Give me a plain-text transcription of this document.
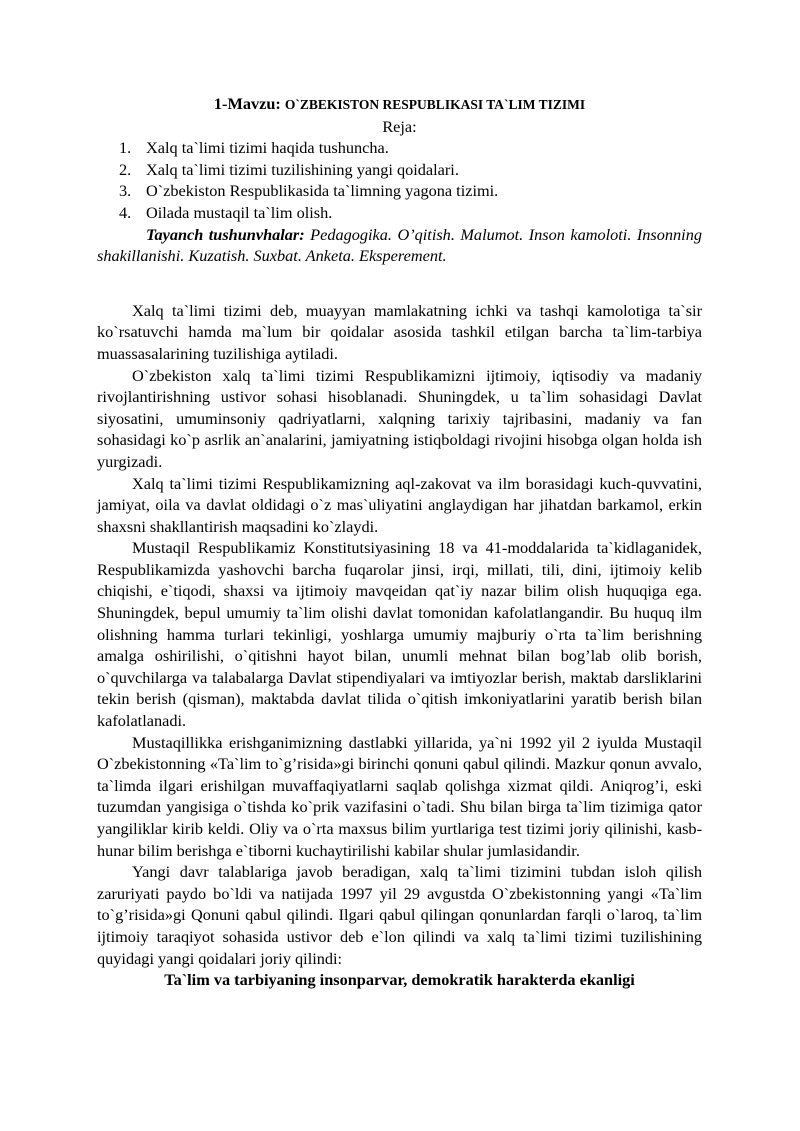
1-Mavzu: O`ZBEKISTON RESPUBLIKASI TA`LIM TIZIMI

Reja:

1. Xalq ta`limi tizimi haqida tushuncha.
2. Xalq ta`limi tizimi tuzilishining yangi qoidalari.
3. O`zbekiston Respublikasida ta`limning yagona tizimi.
4. Oilada mustaqil ta`lim olish.

Tayanch tushunvhalar: Pedagogika. O’qitish. Malumot. Inson kamoloti. Insonning shakillanishi. Kuzatish. Suxbat. Anketa. Eksperement.

Xalq ta`limi tizimi deb, muayyan mamlakatning ichki va tashqi kamolotiga ta`sir ko`rsatuvchi hamda ma`lum bir qoidalar asosida tashkil etilgan barcha ta`lim-tarbiya muassasalarining tuzilishiga aytiladi.

O`zbekiston xalq ta`limi tizimi Respublikamizni ijtimoiy, iqtisodiy va madaniy rivojlantirishning ustivor sohasi hisoblanadi. Shuningdek, u ta`lim sohasidagi Davlat siyosatini, umuminsoniy qadriyatlarni, xalqning tarixiy tajribasini, madaniy va fan sohasidagi ko`p asrlik an`analarini, jamiyatning istiqboldagi rivojini hisobga olgan holda ish yurgizadi.

Xalq ta`limi tizimi Respublikamizning aql-zakovat va ilm borasidagi kuch-quvvatini, jamiyat, oila va davlat oldidagi o`z mas`uliyatini anglaydigan har jihatdan barkamol, erkin shaxsni shakllantirish maqsadini ko`zlaydi.

Mustaqil Respublikamiz Konstitutsiyasining 18 va 41-moddalarida ta`kidlaganidek, Respublikamizda yashovchi barcha fuqarolar jinsi, irqi, millati, tili, dini, ijtimoiy kelib chiqishi, e`tiqodi, shaxsi va ijtimoiy mavqeidan qat`iy nazar bilim olish huquqiga ega. Shuningdek, bepul umumiy ta`lim olishi davlat tomonidan kafolatlangandir. Bu huquq ilm olishning hamma turlari tekinligi, yoshlarga umumiy majburiy o`rta ta`lim berishning amalga oshirilishi, o`qitishni hayot bilan, unumli mehnat bilan bog’lab olib borish, o`quvchilarga va talabalarga Davlat stipendiyalari va imtiyozlar berish, maktab darsliklarini tekin berish (qisman), maktabda davlat tilida o`qitish imkoniyatlarini yaratib berish bilan kafolatlanadi.

Mustaqillikka erishganimizning dastlabki yillarida, ya`ni 1992 yil 2 iyulda Mustaqil O`zbekistonning «Ta`lim to`g’risida»gi birinchi qonuni qabul qilindi. Mazkur qonun avvalo, ta`limda ilgari erishilgan muvaffaqiyatlarni saqlab qolishga xizmat qildi. Aniqrog’i, eski tuzumdan yangisiga o`tishda ko`prik vazifasini o`tadi. Shu bilan birga ta`lim tizimiga qator yangiliklar kirib keldi. Oliy va o`rta maxsus bilim yurtlariga test tizimi joriy qilinishi, kasb-hunar bilim berishga e`tiborni kuchaytirilishi kabilar shular jumlasidandir.

Yangi davr talablariga javob beradigan, xalq ta`limi tizimini tubdan isloh qilish zaruriyati paydo bo`ldi va natijada 1997 yil 29 avgustda O`zbekistonning yangi «Ta`lim to`g’risida»gi Qonuni qabul qilindi. Ilgari qabul qilingan qonunlardan farqli o`laroq, ta`lim ijtimoiy taraqiyot sohasida ustivor deb e`lon qilindi va xalq ta`limi tizimi tuzilishining quyidagi yangi qoidalari joriy qilindi:

Ta`lim va tarbiyaning insonparvar, demokratik harakterda ekanligi
